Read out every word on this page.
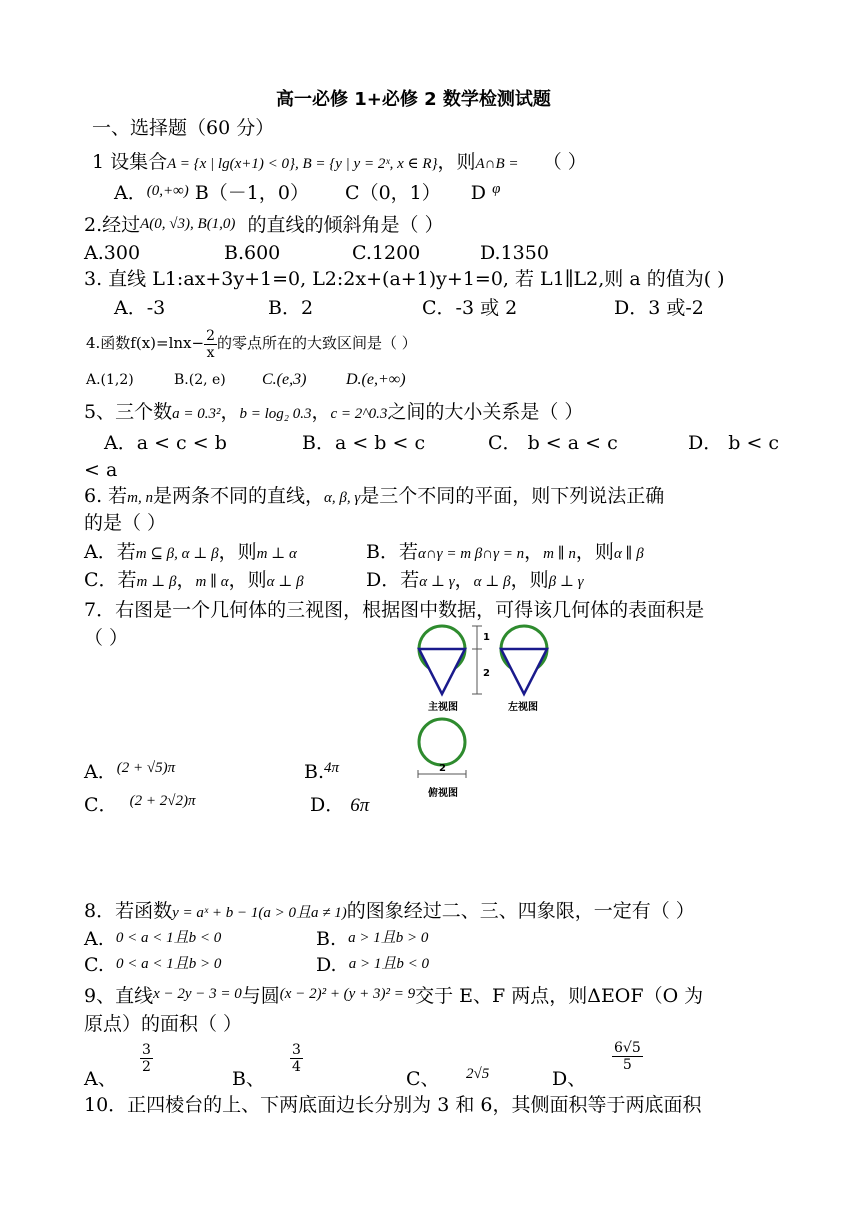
高一必修 1+必修 2 数学检测试题
一、选择题（60 分）
1 设集合A = {x | lg(x+1) < 0}, B = {y | y = 2ˣ, x ∈ R}，则A∩B = （ ）
A．$^{(0,+\infty)}$ B（－1，0） C（0，1） D $^\varphi$
2.经过A(0, √3), B(1,0) 的直线的倾斜角是（ ）
A.300	B.600	C.1200	D.1350
3. 直线 L1:ax+3y+1=0, L2:2x+(a+1)y+1=0, 若 L1∥L2,则 a 的值为( )
A．-3	B．2	C．-3 或 2	D．3 或-2
4.函数$f(x)=\ln x- \frac{2}{x}$ 的零点所在的大致区间是（ ）
A.(1,2)	B.(2, e) C.(e,3) D.(e,+∞)
5、三个数a = 0.3²，b = log₂ 0.3，c = 2^0.3之间的大小关系是（ ）
A．a < c < b	B．a < b < c	C． b < a < c	D． b < c
< a
6. 若m, n是两条不同的直线，α, β, γ是三个不同的平面，则下列说法正确
的是（ ）
A．若m ⊆ β, α ⊥ β，则m ⊥ α	B．若α∩γ = m β∩γ = n，m ∥ n，则α ∥ β
C．若m ⊥ β，m ∥ α，则α ⊥ β	D．若α ⊥ γ，α ⊥ β，则β ⊥ γ
7．右图是一个几何体的三视图，根据图中数据，可得该几何体的表面积是
（ ）	1
2
主视图	左视图
2
俯视图
A．$^{(2 + √5)\pi}$	B.$^{4\pi}$
C． $^{(2 + 2√2)\pi}$	D． 6π
8．若函数y = aˣ + b − 1(a > 0且a ≠ 1)的图象经过二、三、四象限，一定有（ ）
A. 0 < a < 1且b < 0	B. a > 1且b > 0
C. 0 < a < 1且b > 0	D. a > 1且b < 0
9、直线$^{x - 2y - 3 = 0}$与圆$^{(x - 2)^2 + (y + 3)^2 = 9}$交于 E、F 两点，则ΔEOF（O 为
原点）的面积（ ）
A、
$\frac{3}{2}$
B、
$\frac{3}{4}$
C、 2√5	D、
$\frac{6√5}{5}$
10．正四棱台的上、下两底面边长分别为 3 和 6，其侧面积等于两底面积
